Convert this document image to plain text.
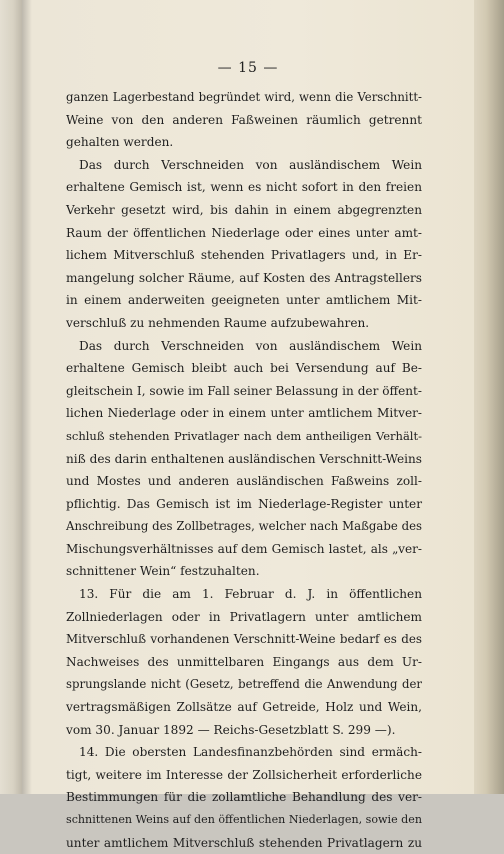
— 15 —
ganzen Lagerbestand begründet wird, wenn die Verschnitt-
Weine von den anderen Faßweinen räumlich getrennt
gehalten werden.
Das durch Verschneiden von ausländischem Wein
erhaltene Gemisch ist, wenn es nicht sofort in den freien
Verkehr gesetzt wird, bis dahin in einem abgegrenzten
Raum der öffentlichen Niederlage oder eines unter amt-
lichem Mitverschluß stehenden Privatlagers und, in Er-
mangelung solcher Räume, auf Kosten des Antragstellers
in einem anderweiten geeigneten unter amtlichem Mit-
verschluß zu nehmenden Raume aufzubewahren.
Das durch Verschneiden von ausländischem Wein
erhaltene Gemisch bleibt auch bei Versendung auf Be-
gleitschein I, sowie im Fall seiner Belassung in der öffent-
lichen Niederlage oder in einem unter amtlichem Mitver-
schluß stehenden Privatlager nach dem antheiligen Verhält-
niß des darin enthaltenen ausländischen Verschnitt-Weins
und Mostes und anderen ausländischen Faßweins zoll-
pflichtig. Das Gemisch ist im Niederlage-Register unter
Anschreibung des Zollbetrages, welcher nach Maßgabe des
Mischungsverhältnisses auf dem Gemisch lastet, als „ver-
schnittener Wein“ festzuhalten.
13. Für die am 1. Februar d. J. in öffentlichen
Zollniederlagen oder in Privatlagern unter amtlichem
Mitverschluß vorhandenen Verschnitt-Weine bedarf es des
Nachweises des unmittelbaren Eingangs aus dem Ur-
sprungslande nicht (Gesetz, betreffend die Anwendung der
vertragsmäßigen Zollsätze auf Getreide, Holz und Wein,
vom 30. Januar 1892 — Reichs-Gesetzblatt S. 299 —).
14. Die obersten Landesfinanzbehörden sind ermäch-
tigt, weitere im Interesse der Zollsicherheit erforderliche
Bestimmungen für die zollamtliche Behandlung des ver-
schnittenen Weins auf den öffentlichen Niederlagen, sowie den
unter amtlichem Mitverschluß stehenden Privatlagern zu
